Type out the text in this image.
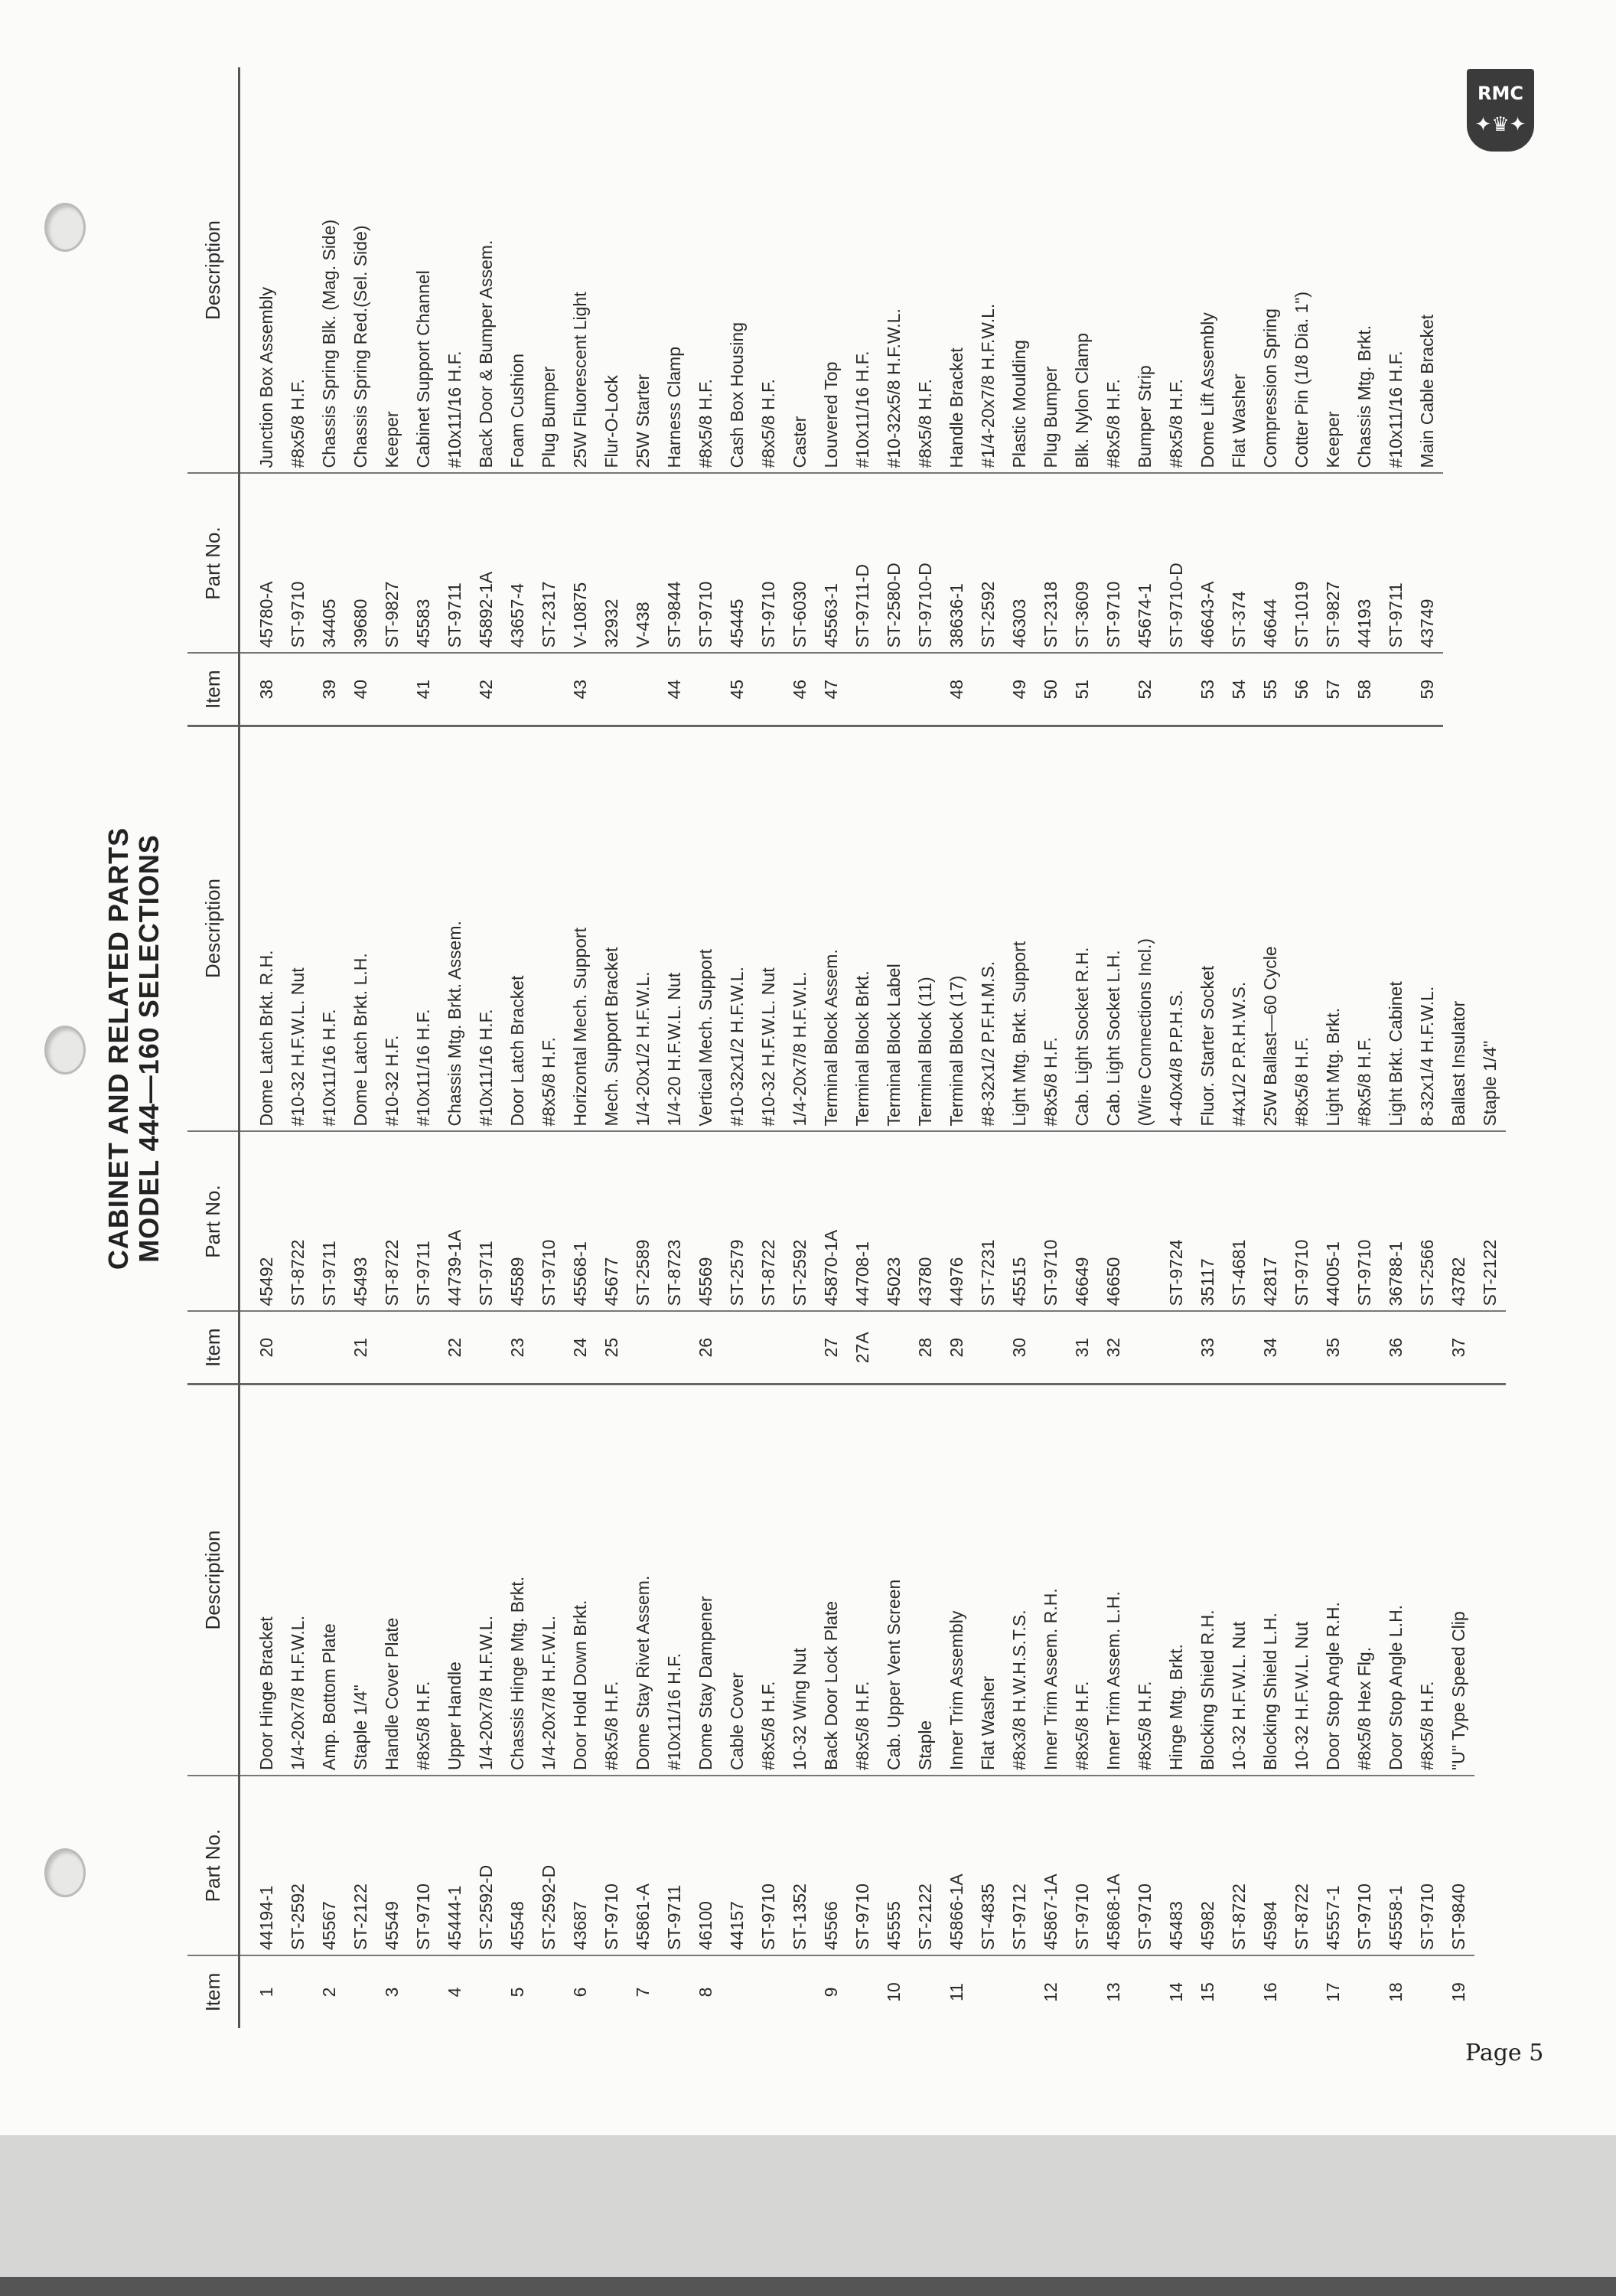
RMC
✦♛✦
CABINET AND RELATED PARTS MODEL 444—160 SELECTIONS
Item	Part No.	Description

1	44194-1	Door Hinge Bracket
	ST-2592	1/4-20x7/8 H.F.W.L.
2	45567	Amp. Bottom Plate
	ST-2122	Staple 1/4"
3	45549	Handle Cover Plate
	ST-9710	#8x5/8 H.F.
4	45444-1	Upper Handle
	ST-2592-D	1/4-20x7/8 H.F.W.L.
5	45548	Chassis Hinge Mtg. Brkt.
	ST-2592-D	1/4-20x7/8 H.F.W.L.
6	43687	Door Hold Down Brkt.
	ST-9710	#8x5/8 H.F.
7	45861-A	Dome Stay Rivet Assem.
	ST-9711	#10x11/16 H.F.
8	46100	Dome Stay Dampener
	44157	Cable Cover
	ST-9710	#8x5/8 H.F.
	ST-1352	10-32 Wing Nut
9	45566	Back Door Lock Plate
	ST-9710	#8x5/8 H.F.
10	45555	Cab. Upper Vent Screen
	ST-2122	Staple
11	45866-1A	Inner Trim Assembly
	ST-4835	Flat Washer
	ST-9712	#8x3/8 H.W.H.S.T.S.
12	45867-1A	Inner Trim Assem. R.H.
	ST-9710	#8x5/8 H.F.
13	45868-1A	Inner Trim Assem. L.H.
	ST-9710	#8x5/8 H.F.
14	45483	Hinge Mtg. Brkt.
15	45982	Blocking Shield R.H.
	ST-8722	10-32 H.F.W.L. Nut
16	45984	Blocking Shield L.H.
	ST-8722	10-32 H.F.W.L. Nut
17	45557-1	Door Stop Angle R.H.
	ST-9710	#8x5/8 Hex Flg.
18	45558-1	Door Stop Angle L.H.
	ST-9710	#8x5/8 H.F.
19	ST-9840	"U" Type Speed Clip
Item	Part No.	Description

20	45492	Dome Latch Brkt. R.H.
	ST-8722	#10-32 H.F.W.L. Nut
	ST-9711	#10x11/16 H.F.
21	45493	Dome Latch Brkt. L.H.
	ST-8722	#10-32 H.F.
	ST-9711	#10x11/16 H.F.
22	44739-1A	Chassis Mtg. Brkt. Assem.
	ST-9711	#10x11/16 H.F.
23	45589	Door Latch Bracket
	ST-9710	#8x5/8 H.F.
24	45568-1	Horizontal Mech. Support
25	45677	Mech. Support Bracket
	ST-2589	1/4-20x1/2 H.F.W.L.
	ST-8723	1/4-20 H.F.W.L. Nut
26	45569	Vertical Mech. Support
	ST-2579	#10-32x1/2 H.F.W.L.
	ST-8722	#10-32 H.F.W.L. Nut
	ST-2592	1/4-20x7/8 H.F.W.L.
27	45870-1A	Terminal Block Assem.
27A	44708-1	Terminal Block Brkt.
	45023	Terminal Block Label
28	43780	Terminal Block (11)
29	44976	Terminal Block (17)
	ST-7231	#8-32x1/2 P.F.H.M.S.
30	45515	Light Mtg. Brkt. Support
	ST-9710	#8x5/8 H.F.
31	46649	Cab. Light Socket R.H.
32	46650	Cab. Light Socket L.H.
		(Wire Connections Incl.)
	ST-9724	4-40x4/8 P.P.H.S.
33	35117	Fluor. Starter Socket
	ST-4681	#4x1/2 P.R.H.W.S.
34	42817	25W Ballast—60 Cycle
	ST-9710	#8x5/8 H.F.
35	44005-1	Light Mtg. Brkt.
	ST-9710	#8x5/8 H.F.
36	36788-1	Light Brkt. Cabinet
	ST-2566	8-32x1/4 H.F.W.L.
37	43782	Ballast Insulator
	ST-2122	Staple 1/4"
Item	Part No.	Description

38	45780-A	Junction Box Assembly
	ST-9710	#8x5/8 H.F.
39	34405	Chassis Spring Blk. (Mag. Side)
40	39680	Chassis Spring Red.(Sel. Side)
	ST-9827	Keeper
41	45583	Cabinet Support Channel
	ST-9711	#10x11/16 H.F.
42	45892-1A	Back Door & Bumper Assem.
	43657-4	Foam Cushion
	ST-2317	Plug Bumper
43	V-10875	25W Fluorescent Light
	32932	Flur-O-Lock
	V-438	25W Starter
44	ST-9844	Harness Clamp
	ST-9710	#8x5/8 H.F.
45	45445	Cash Box Housing
	ST-9710	#8x5/8 H.F.
46	ST-6030	Caster
47	45563-1	Louvered Top
	ST-9711-D	#10x11/16 H.F.
	ST-2580-D	#10-32x5/8 H.F.W.L.
	ST-9710-D	#8x5/8 H.F.
48	38636-1	Handle Bracket
	ST-2592	#1/4-20x7/8 H.F.W.L.
49	46303	Plastic Moulding
50	ST-2318	Plug Bumper
51	ST-3609	Blk. Nylon Clamp
	ST-9710	#8x5/8 H.F.
52	45674-1	Bumper Strip
	ST-9710-D	#8x5/8 H.F.
53	46643-A	Dome Lift Assembly
54	ST-374	Flat Washer
55	46644	Compression Spring
56	ST-1019	Cotter Pin (1/8 Dia. 1")
57	ST-9827	Keeper
58	44193	Chassis Mtg. Brkt.
	ST-9711	#10x11/16 H.F.
59	43749	Main Cable Bracket
Page 5
